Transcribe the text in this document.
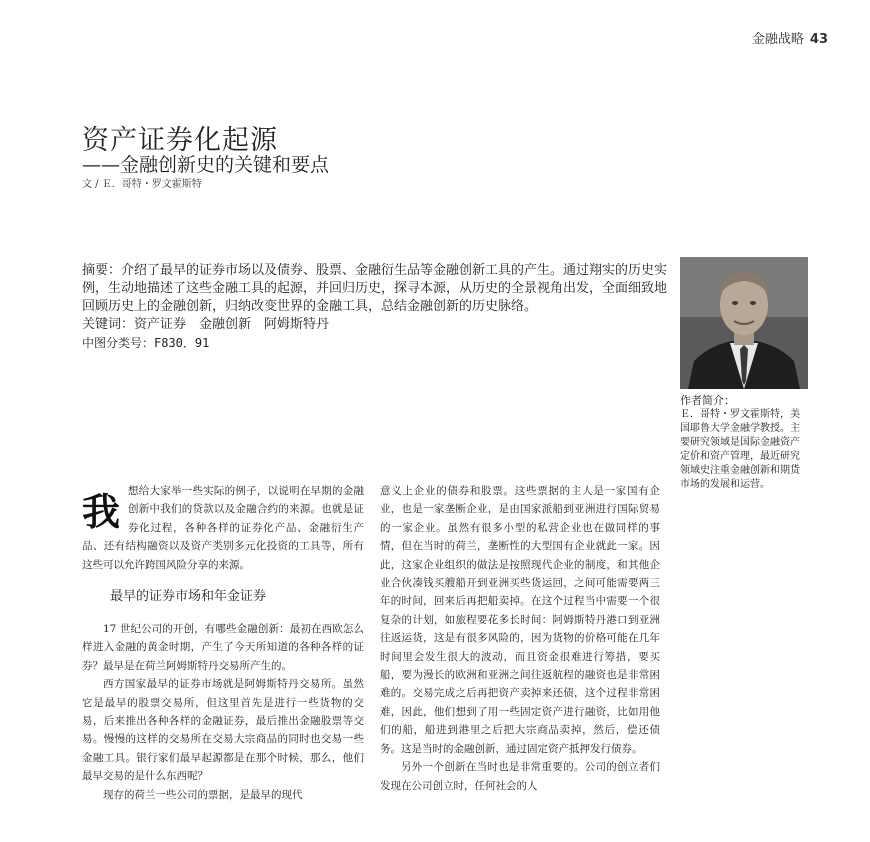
金融战略 43
资产证券化起源
——金融创新史的关键和要点
文 / Ｅ．哥特・罗文霍斯特

摘要：介绍了最早的证券市场以及债券、股票、金融衍生品等金融创新工具的产生。通过翔实的历史实例，生动地描述了这些金融工具的起源，并回归历史，探寻本源，从历史的全景视角出发，全面细致地回顾历史上的金融创新，归纳改变世界的金融工具，总结金融创新的历史脉络。

关键词：资产证券　金融创新　阿姆斯特丹

中图分类号：F830．91

作者简介：
Ｅ．哥特・罗文霍斯特，美国耶鲁大学金融学教授。主要研究领域是国际金融资产定价和资产管理，最近研究领域史注重金融创新和期货市场的发展和运营。
我 想给大家举一些实际的例子，以说明在早期的金融创新中我们的贷款以及金融合约的来源。也就是证券化过程，各种各样的证券化产品、金融衍生产品、还有结构融资以及资产类别多元化投资的工具等，所有这些可以允许跨国风险分享的来源。

最早的证券市场和年金证券

17 世纪公司的开创，有哪些金融创新：最初在西欧怎么样进入金融的黄金时期，产生了今天所知道的各种各样的证券？最早是在荷兰阿姆斯特丹交易所产生的。

西方国家最早的证券市场就是阿姆斯特丹交易所。虽然它是最早的股票交易所，但这里首先是进行一些货物的交易，后来推出各种各样的金融证券，最后推出金融股票等交易。慢慢的这样的交易所在交易大宗商品的同时也交易一些金融工具。银行家们最早起源都是在那个时候，那么，他们最早交易的是什么东西呢？

现存的荷兰一些公司的票据，是最早的现代

意义上企业的债券和股票。这些票据的主人是一家国有企业，也是一家垄断企业，是由国家派船到亚洲进行国际贸易的一家企业。虽然有很多小型的私营企业也在做同样的事情，但在当时的荷兰，垄断性的大型国有企业就此一家。因此，这家企业组织的做法是按照现代企业的制度，和其他企业合伙凑钱买艘船开到亚洲买些货运回，之间可能需要两三年的时间，回来后再把船卖掉。在这个过程当中需要一个很复杂的计划，如旅程要花多长时间：阿姆斯特丹港口到亚洲往返运货，这是有很多风险的，因为货物的价格可能在几年时间里会发生很大的波动，而且资金很难进行筹措，要买船，要为漫长的欧洲和亚洲之间往返航程的融资也是非常困难的。交易完成之后再把资产卖掉来还债，这个过程非常困难，因此，他们想到了用一些固定资产进行融资，比如用他们的船，船进到港里之后把大宗商品卖掉，然后，偿还债务。这是当时的金融创新，通过固定资产抵押发行债券。

另外一个创新在当时也是非常重要的。公司的创立者们发现在公司创立时，任何社会的人
